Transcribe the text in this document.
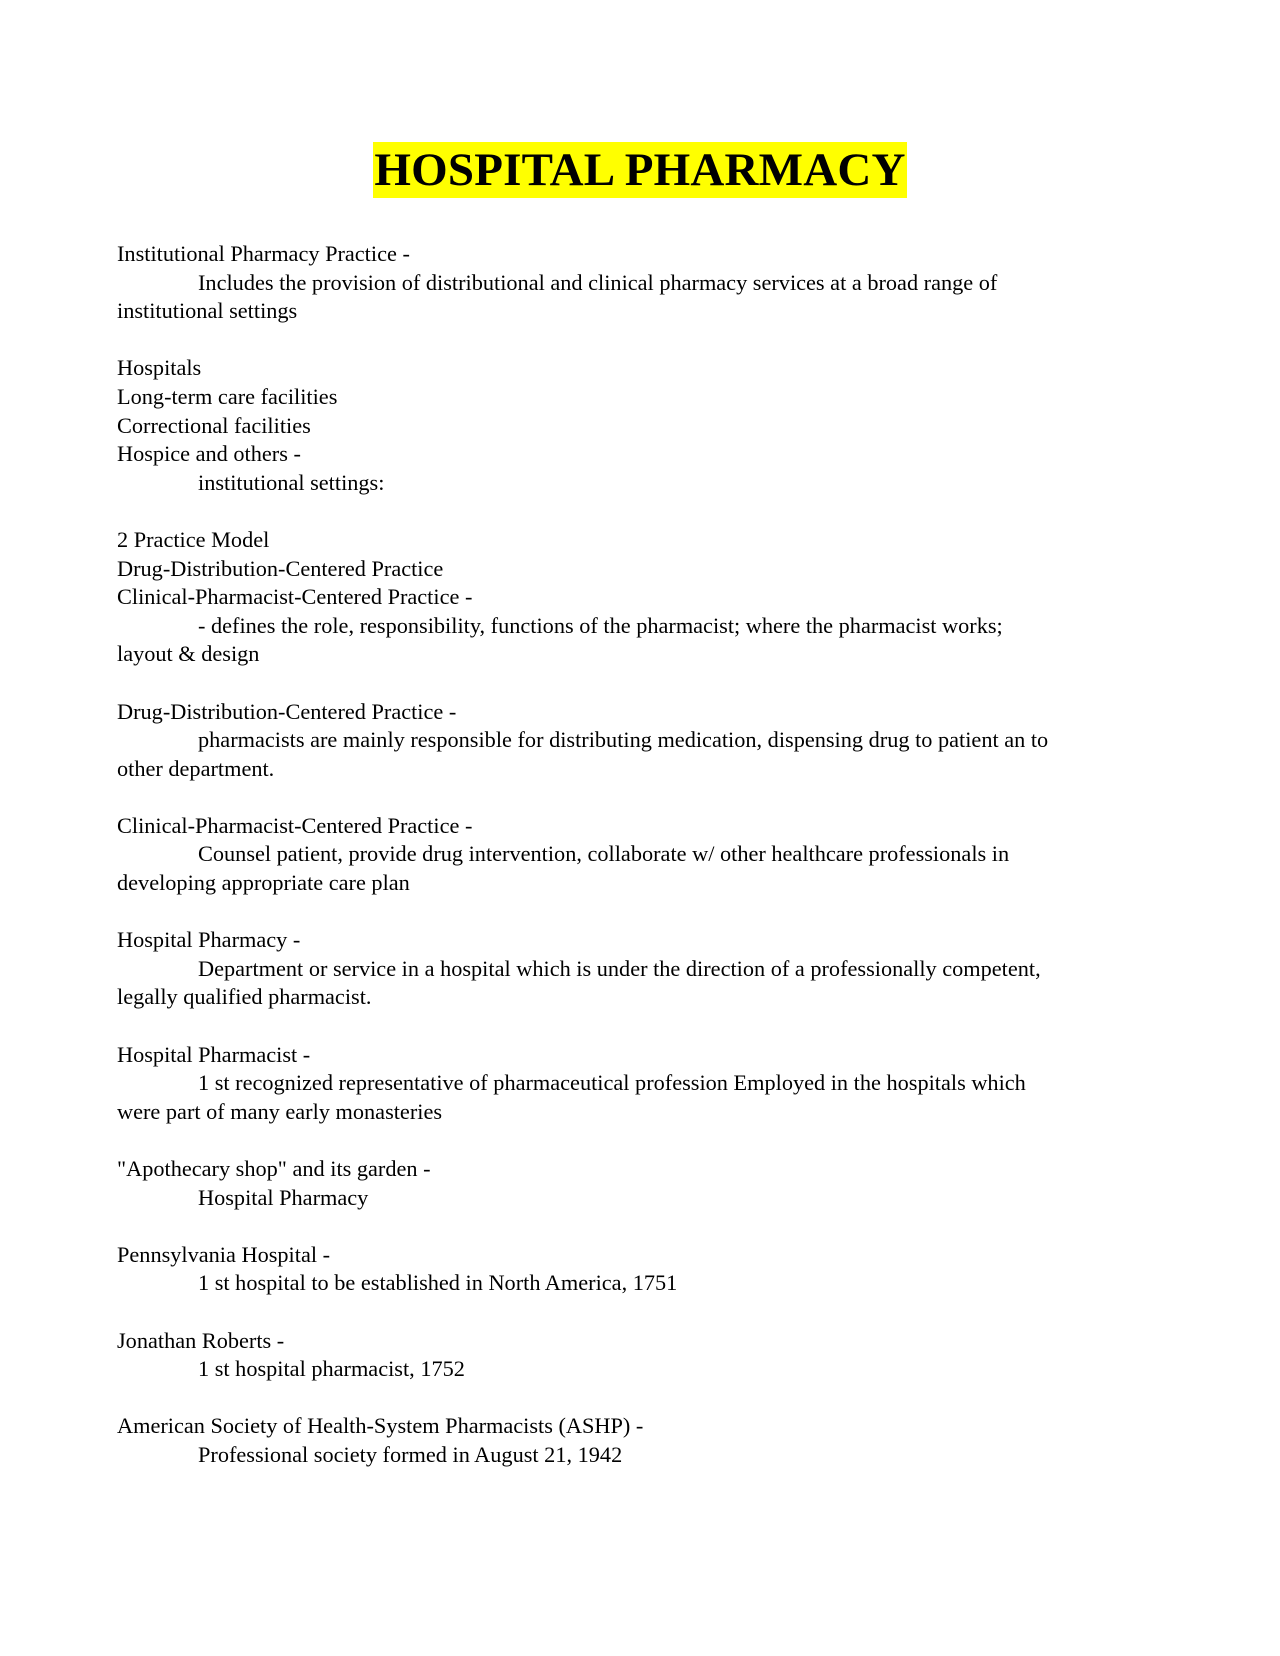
HOSPITAL PHARMACY
Institutional Pharmacy Practice -
Includes the provision of distributional and clinical pharmacy services at a broad range of
institutional settings
Hospitals
Long-term care facilities
Correctional facilities
Hospice and others -
institutional settings:
2 Practice Model
Drug-Distribution-Centered Practice
Clinical-Pharmacist-Centered Practice -
- defines the role, responsibility, functions of the pharmacist; where the pharmacist works;
layout & design
Drug-Distribution-Centered Practice -
pharmacists are mainly responsible for distributing medication, dispensing drug to patient an to
other department.
Clinical-Pharmacist-Centered Practice -
Counsel patient, provide drug intervention, collaborate w/ other healthcare professionals in
developing appropriate care plan
Hospital Pharmacy -
Department or service in a hospital which is under the direction of a professionally competent,
legally qualified pharmacist.
Hospital Pharmacist -
1 st recognized representative of pharmaceutical profession Employed in the hospitals which
were part of many early monasteries
"Apothecary shop" and its garden -
Hospital Pharmacy
Pennsylvania Hospital -
1 st hospital to be established in North America, 1751
Jonathan Roberts -
1 st hospital pharmacist, 1752
American Society of Health-System Pharmacists (ASHP) -
Professional society formed in August 21, 1942
